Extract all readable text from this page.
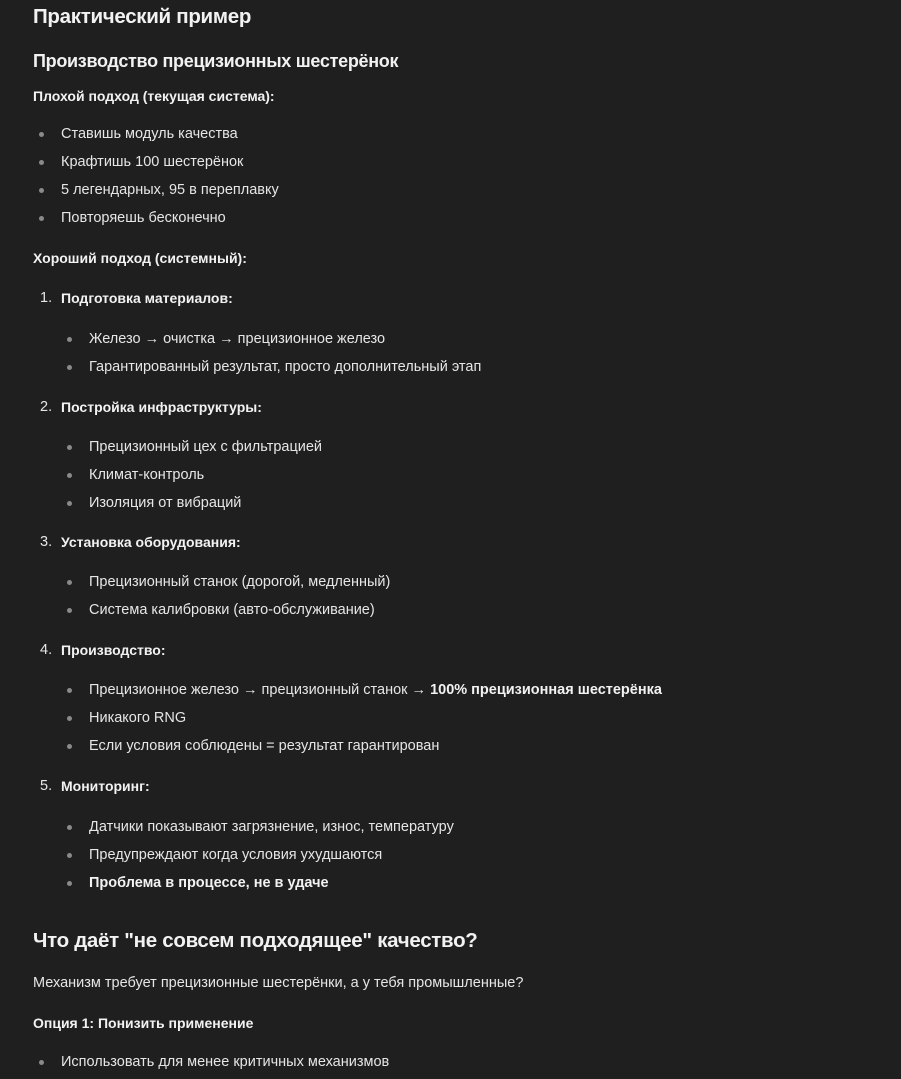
Практический пример
Производство прецизионных шестерёнок
Плохой подход (текущая система):
Ставишь модуль качества
Крафтишь 100 шестерёнок
5 легендарных, 95 в переплавку
Повторяешь бесконечно
Хороший подход (системный):
1. Подготовка материалов:
Железо → очистка → прецизионное железо
Гарантированный результат, просто дополнительный этап
2. Постройка инфраструктуры:
Прецизионный цех с фильтрацией
Климат-контроль
Изоляция от вибраций
3. Установка оборудования:
Прецизионный станок (дорогой, медленный)
Система калибровки (авто-обслуживание)
4. Производство:
Прецизионное железо → прецизионный станок → 100% прецизионная шестерёнка
Никакого RNG
Если условия соблюдены = результат гарантирован
5. Мониторинг:
Датчики показывают загрязнение, износ, температуру
Предупреждают когда условия ухудшаются
Проблема в процессе, не в удаче
Что даёт "не совсем подходящее" качество?
Механизм требует прецизионные шестерёнки, а у тебя промышленные?
Опция 1: Понизить применение
Использовать для менее критичных механизмов
